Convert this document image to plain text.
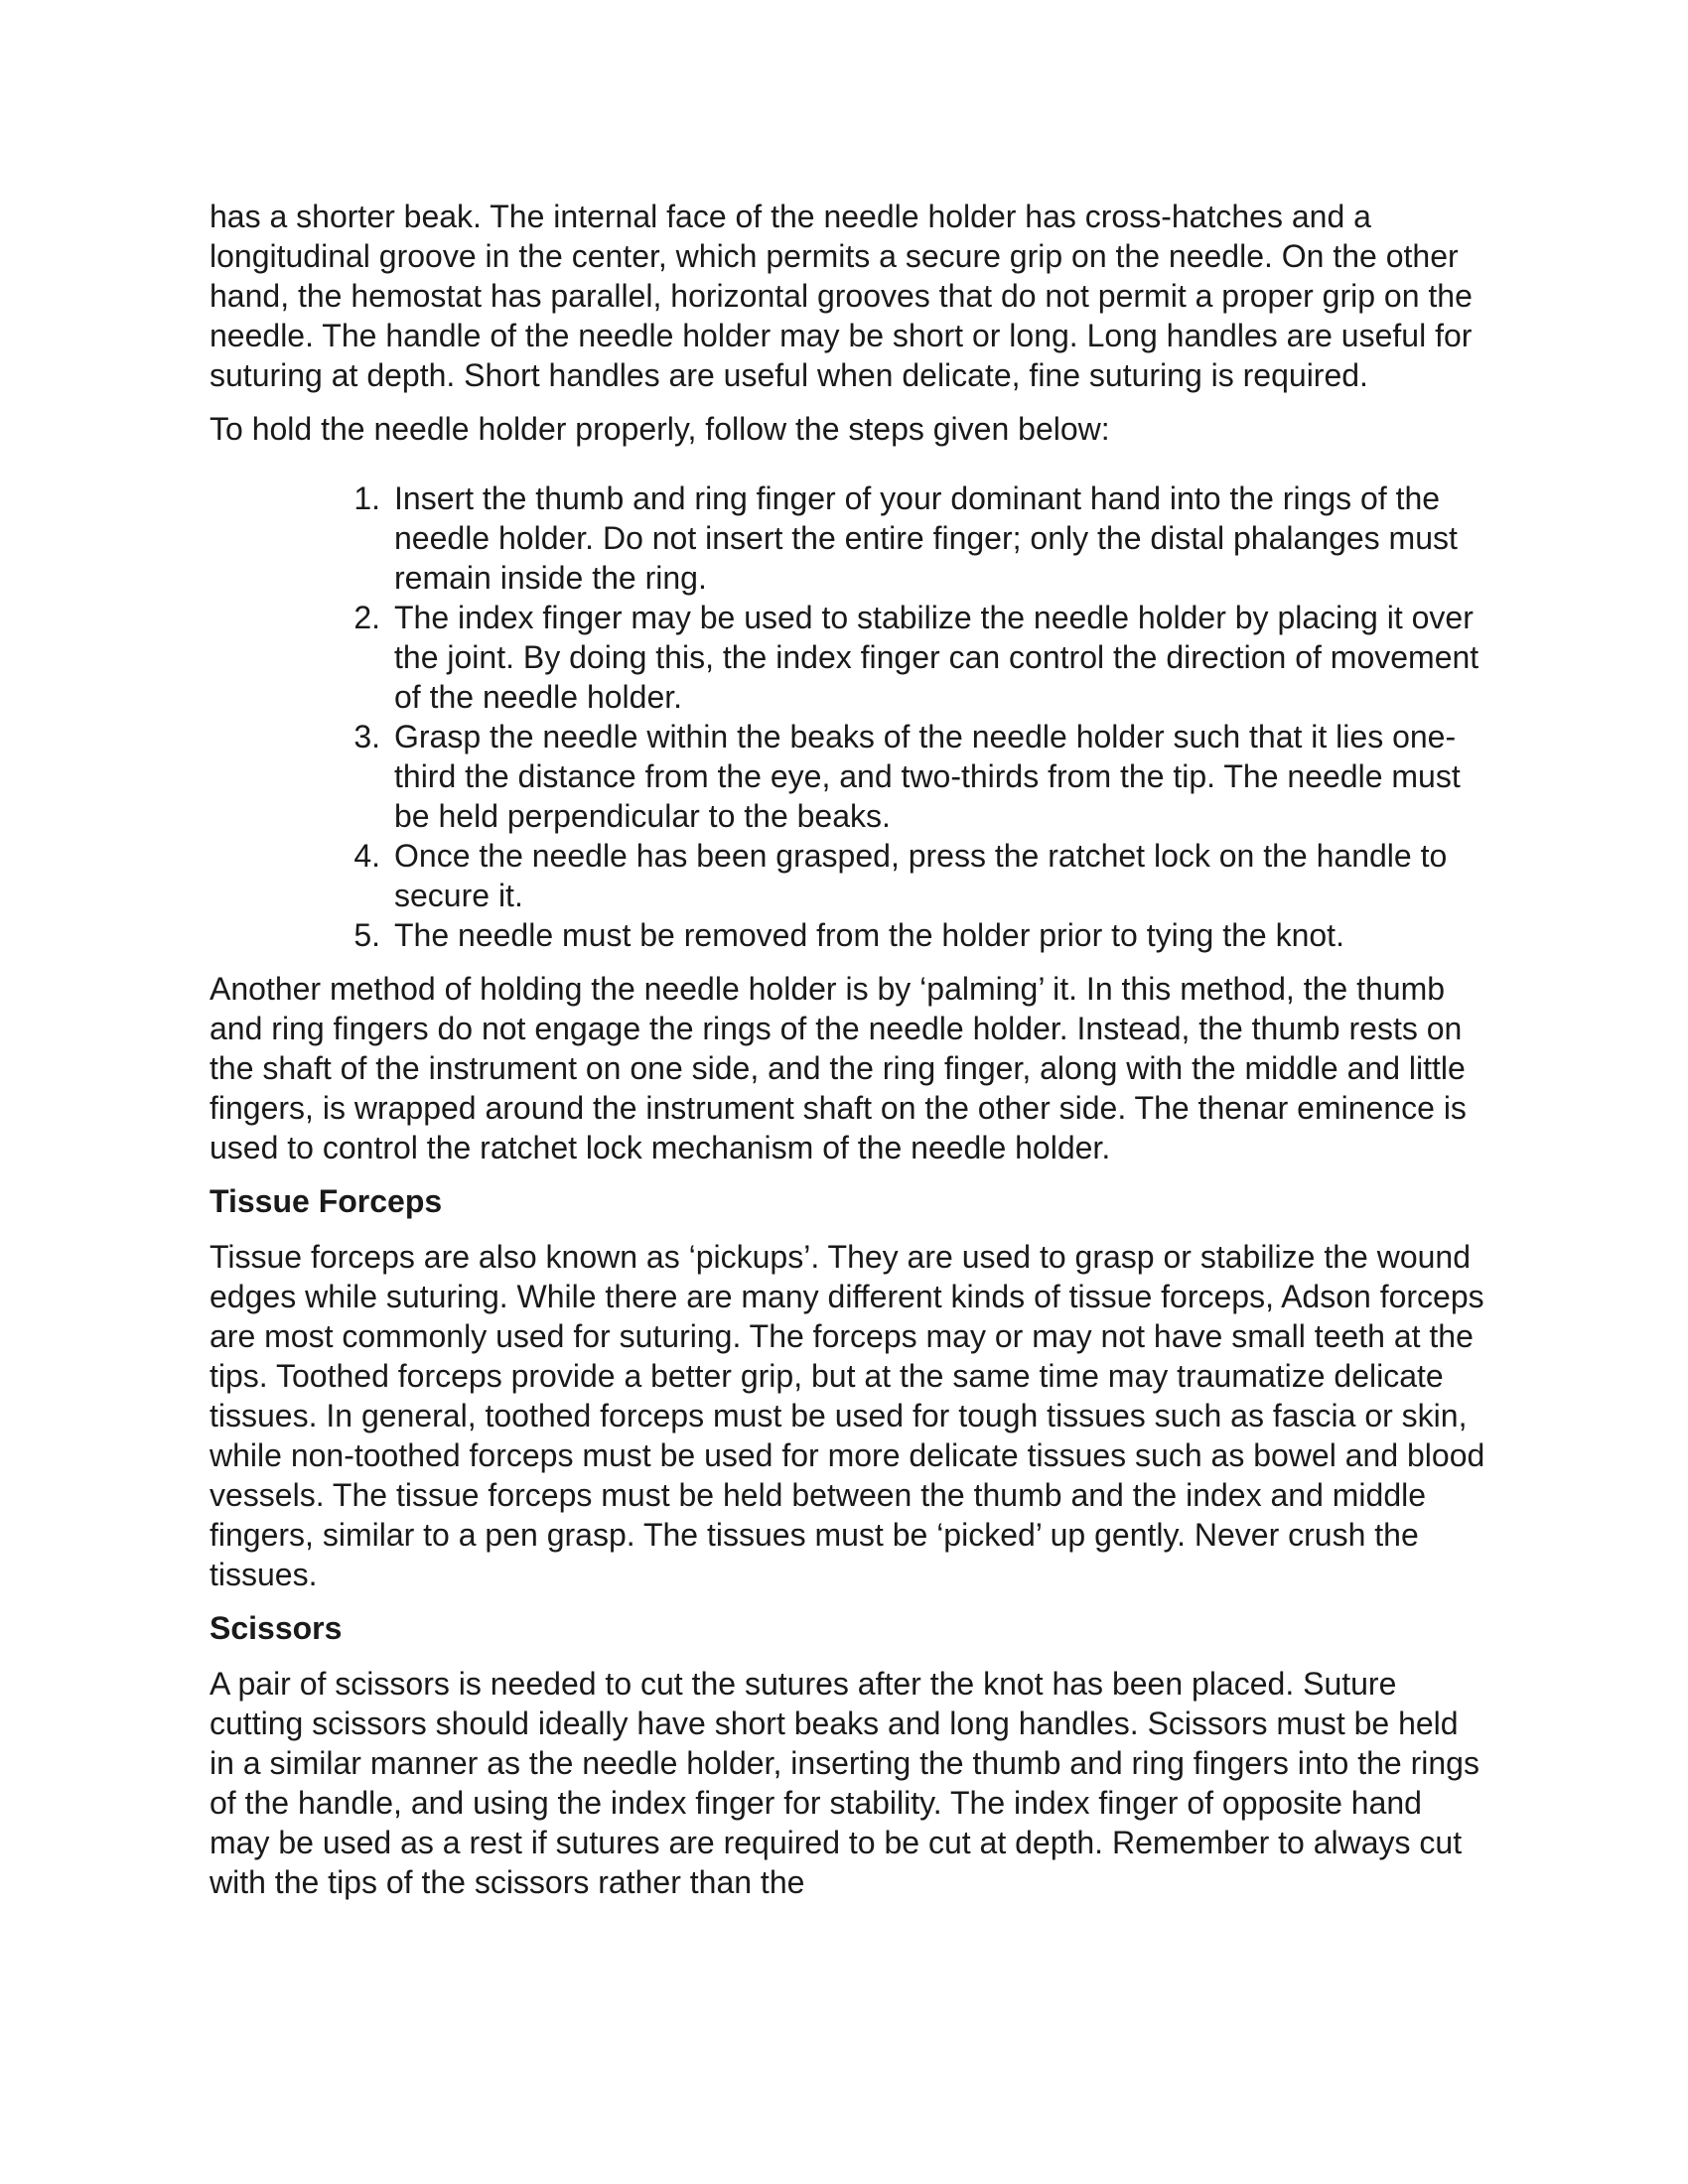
has a shorter beak. The internal face of the needle holder has cross-hatches and a longitudinal groove in the center, which permits a secure grip on the needle. On the other hand, the hemostat has parallel, horizontal grooves that do not permit a proper grip on the needle. The handle of the needle holder may be short or long. Long handles are useful for suturing at depth. Short handles are useful when delicate, fine suturing is required.

To hold the needle holder properly, follow the steps given below:

1. Insert the thumb and ring finger of your dominant hand into the rings of the needle holder. Do not insert the entire finger; only the distal phalanges must remain inside the ring.
2. The index finger may be used to stabilize the needle holder by placing it over the joint. By doing this, the index finger can control the direction of movement of the needle holder.
3. Grasp the needle within the beaks of the needle holder such that it lies one-third the distance from the eye, and two-thirds from the tip. The needle must be held perpendicular to the beaks.
4. Once the needle has been grasped, press the ratchet lock on the handle to secure it.
5. The needle must be removed from the holder prior to tying the knot.

Another method of holding the needle holder is by ‘palming’ it. In this method, the thumb and ring fingers do not engage the rings of the needle holder. Instead, the thumb rests on the shaft of the instrument on one side, and the ring finger, along with the middle and little fingers, is wrapped around the instrument shaft on the other side. The thenar eminence is used to control the ratchet lock mechanism of the needle holder.

Tissue Forceps

Tissue forceps are also known as ‘pickups’. They are used to grasp or stabilize the wound edges while suturing. While there are many different kinds of tissue forceps, Adson forceps are most commonly used for suturing. The forceps may or may not have small teeth at the tips. Toothed forceps provide a better grip, but at the same time may traumatize delicate tissues. In general, toothed forceps must be used for tough tissues such as fascia or skin, while non-toothed forceps must be used for more delicate tissues such as bowel and blood vessels. The tissue forceps must be held between the thumb and the index and middle fingers, similar to a pen grasp. The tissues must be ‘picked’ up gently. Never crush the tissues.

Scissors

A pair of scissors is needed to cut the sutures after the knot has been placed. Suture cutting scissors should ideally have short beaks and long handles. Scissors must be held in a similar manner as the needle holder, inserting the thumb and ring fingers into the rings of the handle, and using the index finger for stability. The index finger of opposite hand may be used as a rest if sutures are required to be cut at depth. Remember to always cut with the tips of the scissors rather than the
